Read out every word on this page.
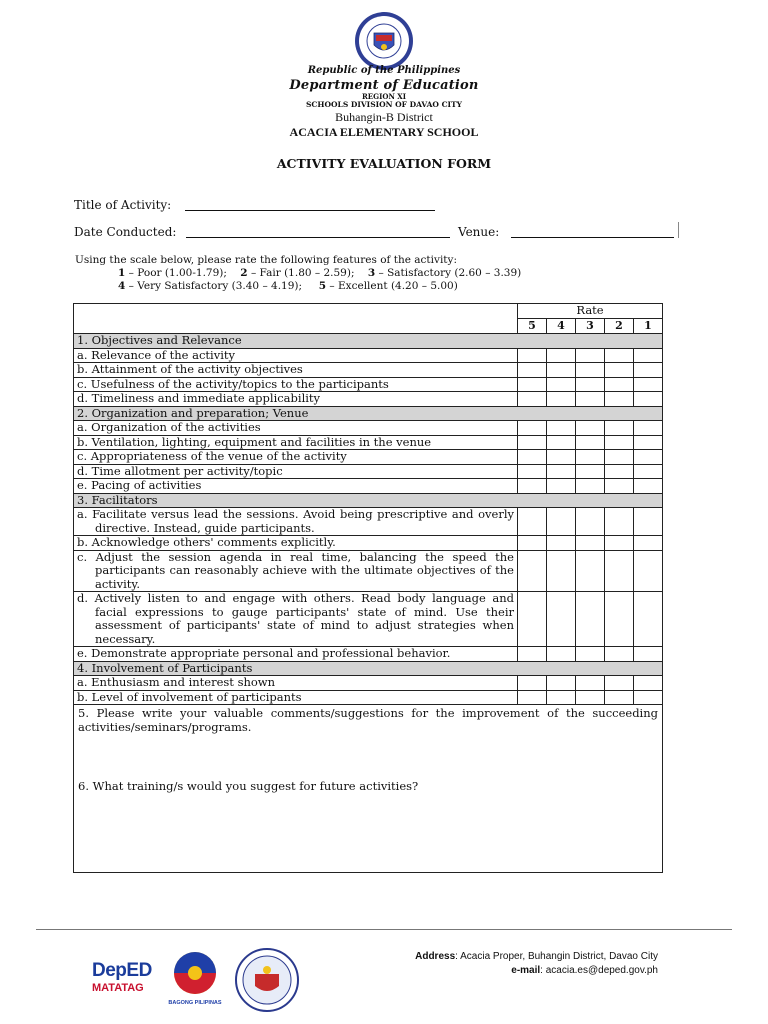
Republic of the Philippines
Department of Education
REGION XI
SCHOOLS DIVISION OF DAVAO CITY
Buhangin-B District
ACACIA ELEMENTARY SCHOOL
ACTIVITY EVALUATION FORM
Title of Activity:
Date Conducted:	Venue:
Using the scale below, please rate the following features of the activity:
1 – Poor (1.00-1.79); 2 – Fair (1.80 – 2.59); 3 – Satisfactory (2.60 – 3.39)
4 – Very Satisfactory (3.40 – 4.19); 5 – Excellent (4.20 – 5.00)
	Rate				
	5	4	3	2	1
1. Objectives and Relevance					
a. Relevance of the activity					
b. Attainment of the activity objectives					
c. Usefulness of the activity/topics to the participants					
d. Timeliness and immediate applicability					
2. Organization and preparation; Venue					
a. Organization of the activities					
b. Ventilation, lighting, equipment and facilities in the venue					
c. Appropriateness of the venue of the activity					
d. Time allotment per activity/topic					
e. Pacing of activities					
3. Facilitators					

a. Facilitate versus lead the sessions. Avoid being prescriptive and overly directive. Instead, guide participants.					

b. Acknowledge others' comments explicitly.					

c. Adjust the session agenda in real time, balancing the speed the participants can reasonably achieve with the ultimate objectives of the activity.					

d. Actively listen to and engage with others. Read body language and facial expressions to gauge participants' state of mind. Use their assessment of participants' state of mind to adjust strategies when necessary.					

e. Demonstrate appropriate personal and professional behavior.					

4. Involvement of Participants					
a. Enthusiasm and interest shown					
b. Level of involvement of participants					

5. Please write your valuable comments/suggestions for the improvement of the succeeding activities/seminars/programs.
6. What training/s would you suggest for future activities?					
DepED
MATATAG
BAGONG PILIPINAS
Address: Acacia Proper, Buhangin District, Davao City
e-mail: acacia.es@deped.gov.ph
